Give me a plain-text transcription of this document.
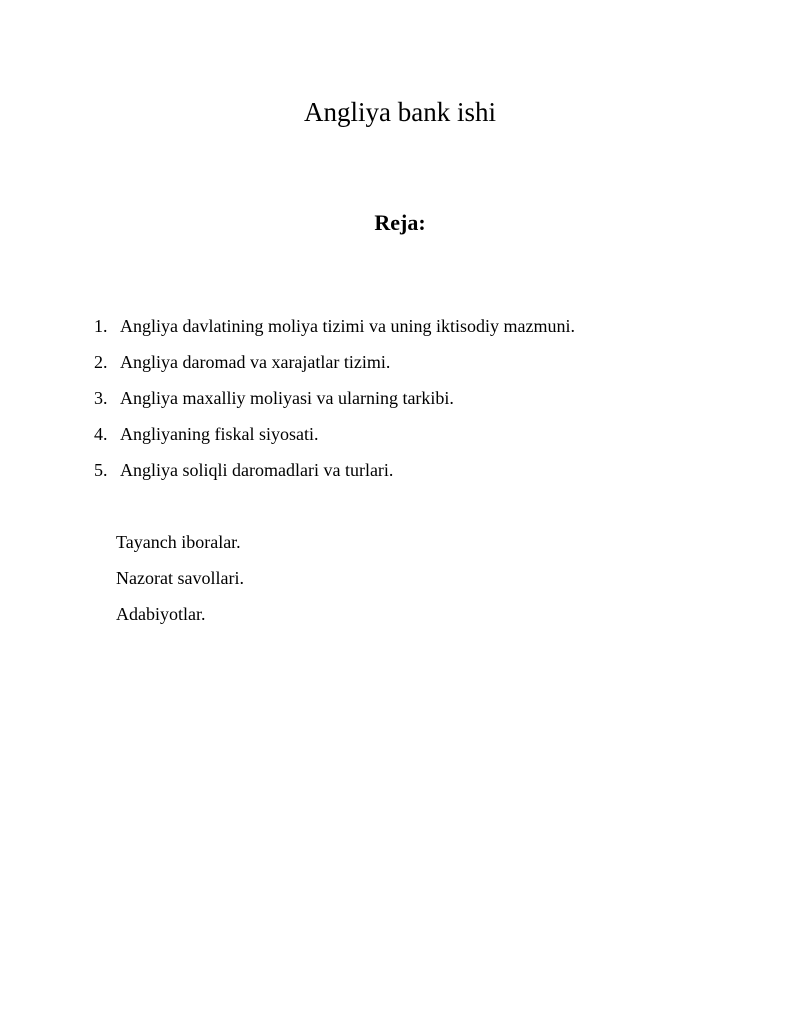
Angliya bank ishi
Reja:
1. Angliya davlatining moliya tizimi va uning iktisodiy mazmuni.
2. Angliya daromad va xarajatlar tizimi.
3. Angliya maxalliy moliyasi va ularning tarkibi.
4. Angliyaning fiskal siyosati.
5. Angliya soliqli daromadlari va turlari.
Tayanch iboralar.
Nazorat savollari.
Adabiyotlar.
